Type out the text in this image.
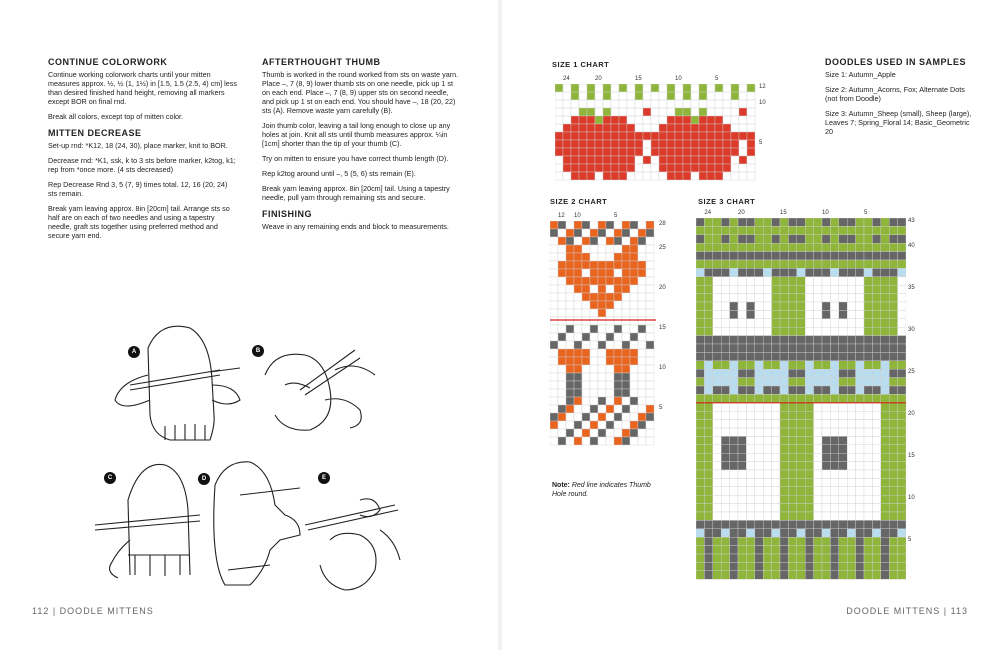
CONTINUE COLORWORK

Continue working colorwork charts until your mitten measures approx. ½, ½ (1, 1½) in [1.5, 1.5 (2.5, 4) cm] less than desired finished hand height, removing all markers except BOR on final rnd.

Break all colors, except top of mitten color.

MITTEN DECREASE

Set-up rnd: *K12, 18 (24, 30), place marker, knit to BOR.

Decrease rnd: *K1, ssk, k to 3 sts before marker, k2tog, k1; rep from *once more. (4 sts decreased)

Rep Decrease Rnd 3, 5 (7, 9) times total. 12, 16 (20, 24) sts remain.

Break yarn leaving approx. 8in [20cm] tail. Arrange sts so half are on each of two needles and using a tapestry needle, graft sts together using preferred method and secure yarn end.

AFTERTHOUGHT THUMB

Thumb is worked in the round worked from sts on waste yarn. Place –, 7 (8, 9) lower thumb sts on one needle, pick up 1 st on each end. Place –, 7 (8, 9) upper sts on second needle, and pick up 1 st on each end. You should have –, 18 (20, 22) sts (A). Remove waste yarn carefully (B).

Join thumb color, leaving a tail long enough to close up any holes at join. Knit all sts until thumb measures approx. ¼in [1cm] shorter than the tip of your thumb (C).

Try on mitten to ensure you have correct thumb length (D).

Rep k2tog around until –, 5 (5, 6) sts remain (E).

Break yarn leaving approx. 8in [20cm] tail. Using a tapestry needle, pull yarn through remaining sts and secure.

FINISHING

Weave in any remaining ends and block to measurements.

A	B
C	D	E
112 | DOODLE MITTENS
SIZE 1 CHART
SIZE 2 CHART	SIZE 3 CHART
24	20	15	10	5
12
10
5
12 10	5
28
25
20
15
10
5
24	20	15	10	5
43
40
35
30
25
20
15
10
5
Note: Red line indicates Thumb Hole round.
DOODLES USED IN SAMPLES

Size 1: Autumn_Apple

Size 2: Autumn_Acorns, Fox; Alternate Dots (not from Doodle)

Size 3: Autumn_Sheep (small), Sheep (large), Leaves 7; Spring_Floral 14; Basic_Geometric 20

DOODLE MITTENS | 113
